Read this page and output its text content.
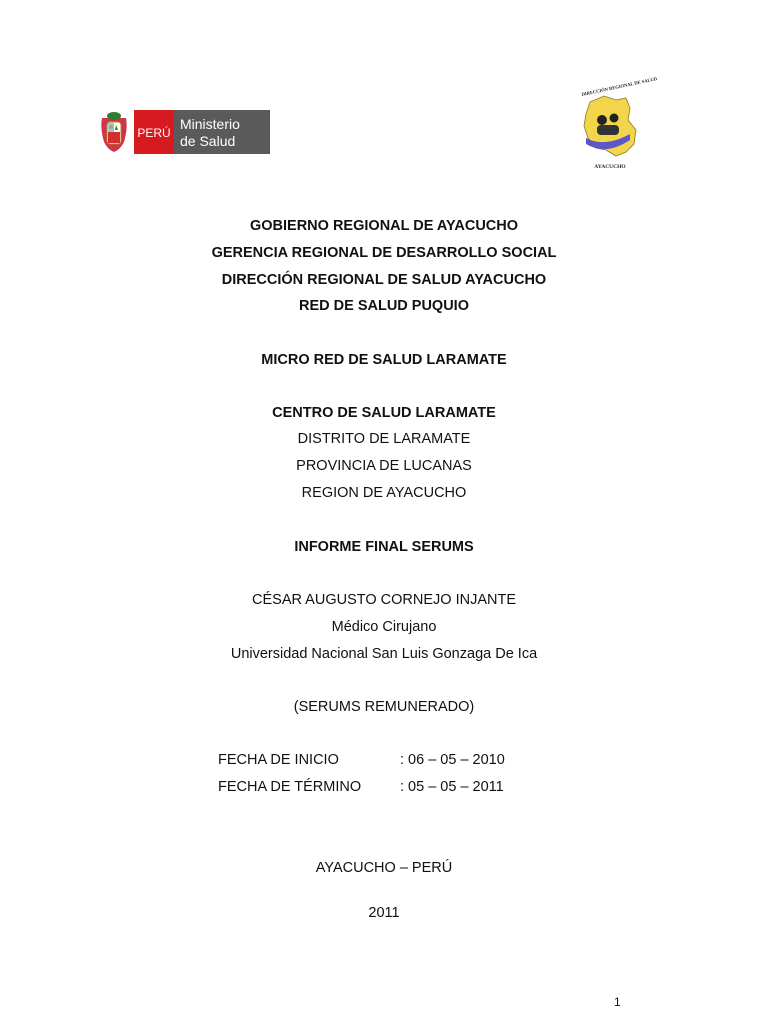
PERÚ
Ministerio
de Salud
DIRECCIÓN REGIONAL DE SALUD
AYACUCHO
GOBIERNO REGIONAL DE AYACUCHO
GERENCIA REGIONAL DE DESARROLLO SOCIAL
DIRECCIÓN REGIONAL DE SALUD AYACUCHO
RED DE SALUD PUQUIO
MICRO RED DE SALUD LARAMATE
CENTRO DE SALUD LARAMATE
DISTRITO DE LARAMATE
PROVINCIA DE LUCANAS
REGION DE AYACUCHO
INFORME FINAL SERUMS
CÉSAR AUGUSTO CORNEJO INJANTE
Médico Cirujano
Universidad Nacional San Luis Gonzaga De Ica
(SERUMS REMUNERADO)
FECHA DE INICIO	: 06 – 05 – 2010
FECHA DE TÉRMINO	: 05 – 05 – 2011
AYACUCHO – PERÚ
2011
1
